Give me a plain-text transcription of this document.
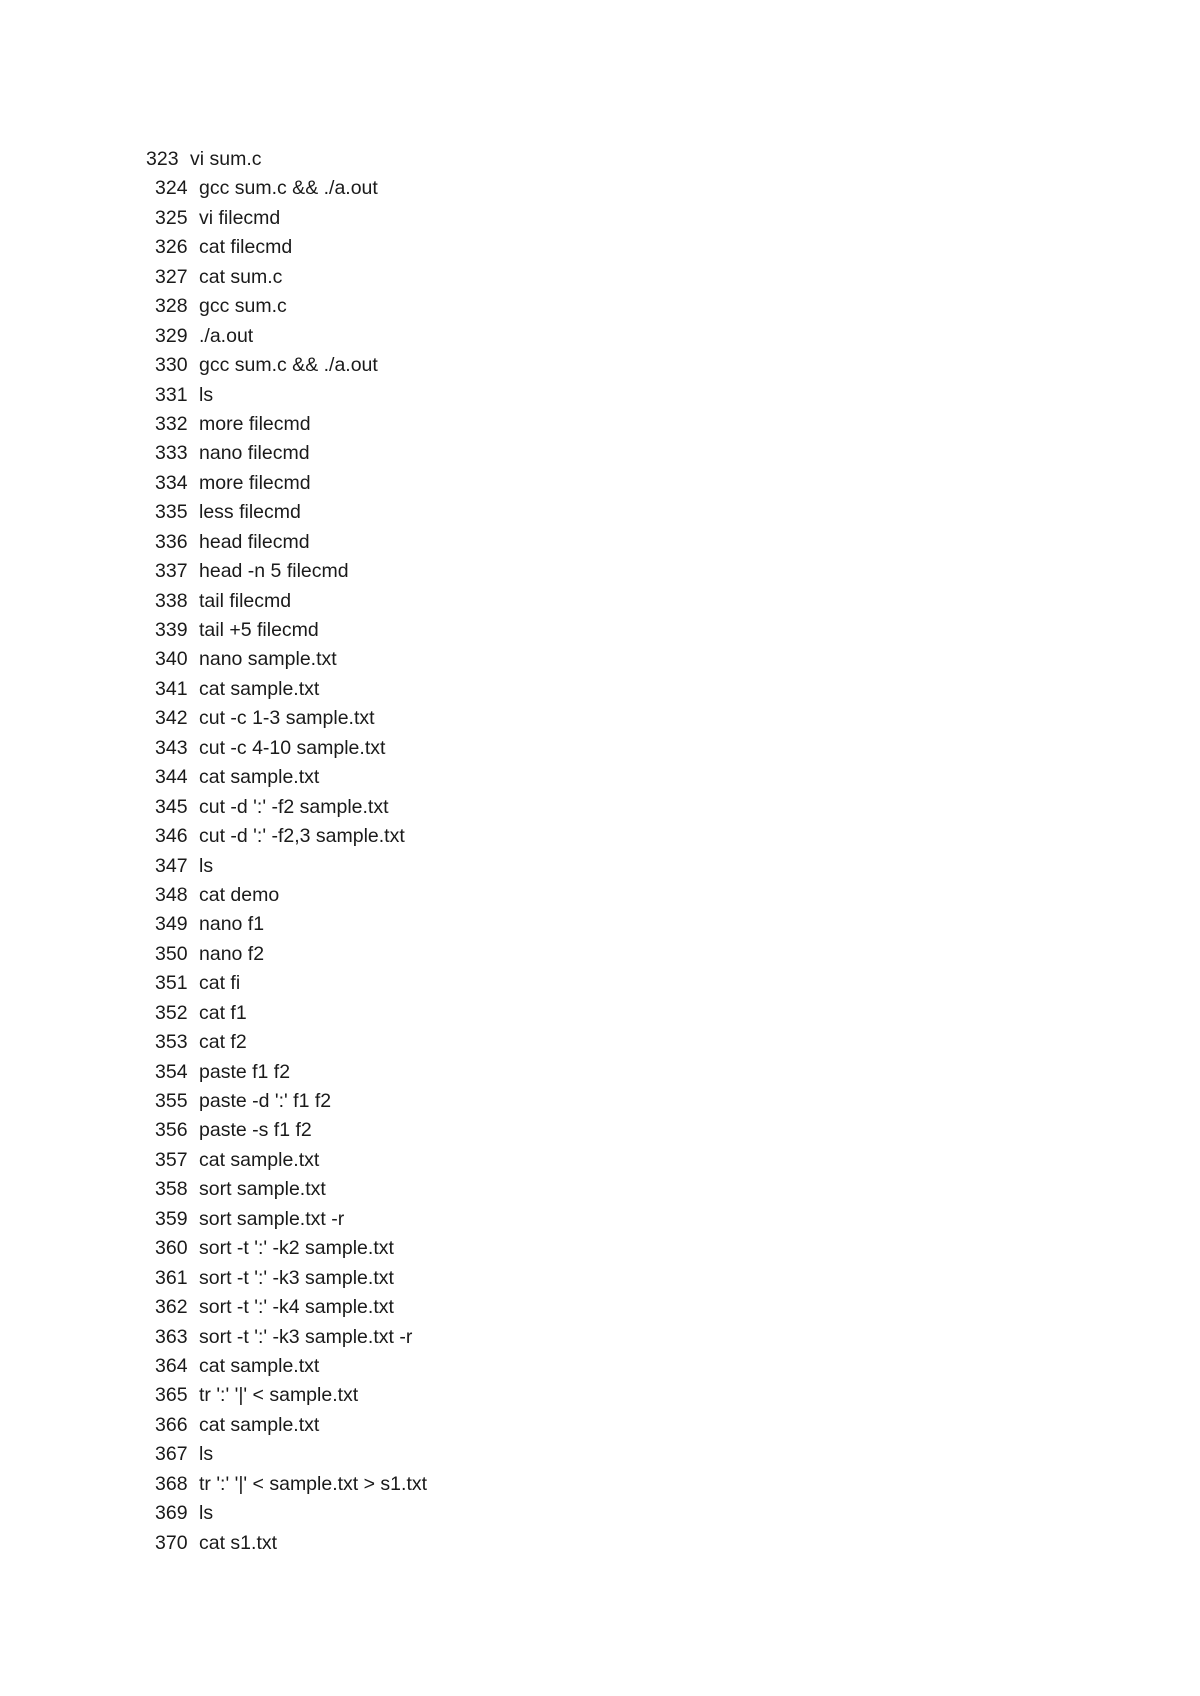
323 vi sum.c
324 gcc sum.c && ./a.out
325 vi filecmd
326 cat filecmd
327 cat sum.c
328 gcc sum.c
329 ./a.out
330 gcc sum.c && ./a.out
331 ls
332 more filecmd
333 nano filecmd
334 more filecmd
335 less filecmd
336 head filecmd
337 head -n 5 filecmd
338 tail filecmd
339 tail +5 filecmd
340 nano sample.txt
341 cat sample.txt
342 cut -c 1-3 sample.txt
343 cut -c 4-10 sample.txt
344 cat sample.txt
345 cut -d ':' -f2 sample.txt
346 cut -d ':' -f2,3 sample.txt
347 ls
348 cat demo
349 nano f1
350 nano f2
351 cat fi
352 cat f1
353 cat f2
354 paste f1 f2
355 paste -d ':' f1 f2
356 paste -s f1 f2
357 cat sample.txt
358 sort sample.txt
359 sort sample.txt -r
360 sort -t ':' -k2 sample.txt
361 sort -t ':' -k3 sample.txt
362 sort -t ':' -k4 sample.txt
363 sort -t ':' -k3 sample.txt -r
364 cat sample.txt
365 tr ':' '|' < sample.txt
366 cat sample.txt
367 ls
368 tr ':' '|' < sample.txt > s1.txt
369 ls
370 cat s1.txt
